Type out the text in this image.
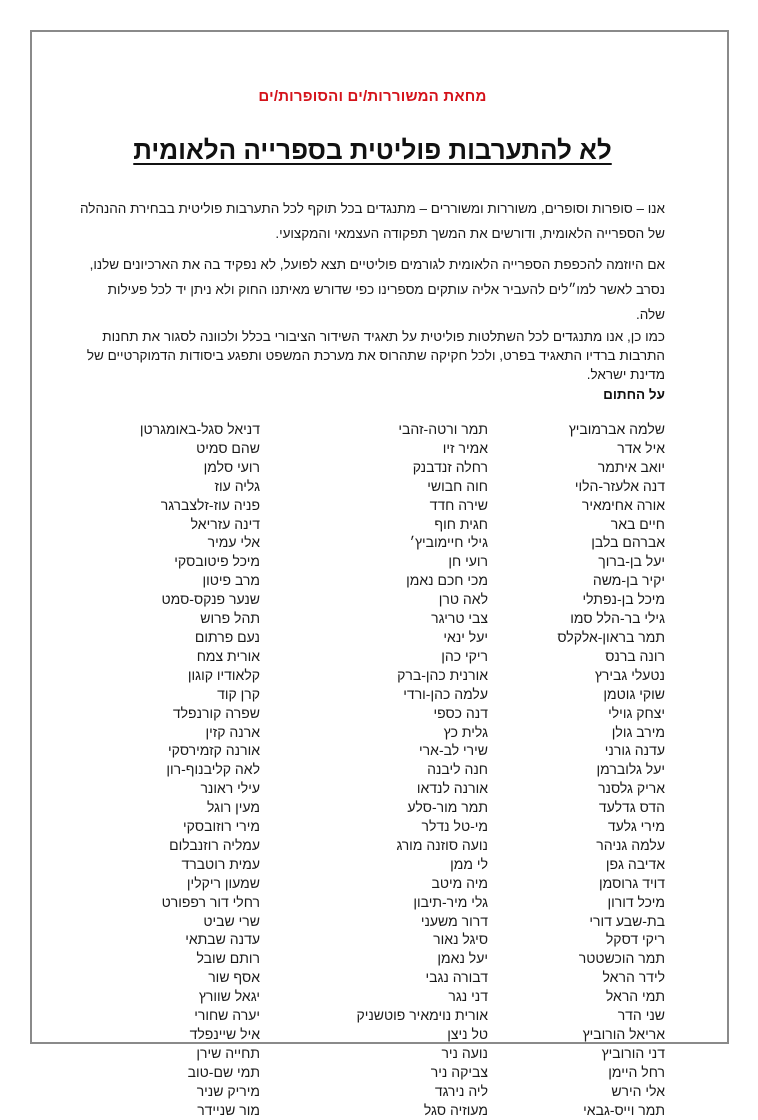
מחאת המשוררות/ים והסופרות/ים
לא להתערבות פוליטית בספרייה הלאומית

אנו – סופרות וסופרים, משוררות ומשוררים – מתנגדים בכל תוקף לכל התערבות פוליטית בבחירת ההנהלה של הספרייה הלאומית, ודורשים את המשך תפקודה העצמאי והמקצועי.

אם היוזמה להכפפת הספרייה הלאומית לגורמים פוליטיים תצא לפועל, לא נפקיד בה את הארכיונים שלנו, נסרב לאשר למו״לים להעביר אליה עותקים מספרינו כפי שדורש מאיתנו החוק ולא ניתן יד לכל פעילות שלה.

כמו כן, אנו מתנגדים לכל השתלטות פוליטית על תאגיד השידור הציבורי בכלל ולכוונה לסגור את תחנות התרבות ברדיו התאגיד בפרט, ולכל חקיקה שתהרוס את מערכת המשפט ותפגע ביסודות הדמוקרטיים של מדינת ישראל.

על החתום
שלמה אברמוביץ
איל אדר
יואב איתמר
דנה אלעזר-הלוי
אורה אחימאיר
חיים באר
אברהם בלבן
יעל בן-ברוך
יקיר בן-משה
מיכל בן-נפתלי
גילי בר-הלל סמו
תמר בראון-אלקלס
רונה ברנס
נטעלי גבירץ
שוקי גוטמן
יצחק גוילי
מירב גולן
עדנה גורני
יעל גלוברמן
אריק גלסנר
הדס גדלעד
מירי גלעד
עלמה גניהר
אדיבה גפן
דויד גרוסמן
מיכל דורון
בת-שבע דורי
ריקי דסקל
תמר הוכשטטר
לידר הראל
תמי הראל
שני הדר
אריאל הורוביץ
דני הורוביץ
רחל היימן
אלי הירש
תמר וייס-גבאי
תמר ורטה-זהבי
אמיר זיו
רחלה זנדבנק
חוה חבושי
שירה חדד
חגית חוף
גילי חיימוביץ׳
רועי חן
מכי חכם נאמן
לאה טרן
צבי טריגר
יעל ינאי
ריקי כהן
אורנית כהן-ברק
עלמה כהן-ורדי
דנה כספי
גלית כץ
שירי לב-ארי
חנה ליבנה
אורנה לנדאו
תמר מור-סלע
מי-טל נדלר
נועה סוזנה מורג
לי ממן
מיה מיטב
גלי מיר-תיבון
דרור משעני
סיגל נאור
יעל נאמן
דבורה נגבי
דני נגר
אורית נוימאיר פוטשניק
טל ניצן
נועה ניר
צביקה ניר
ליה נירגד
מעוזיה סגל
דניאל סגל-באומגרטן
שהם סמיט
רועי סלמן
גליה עוז
פניה עוז-זלצברגר
דינה עזריאל
אלי עמיר
מיכל פיטובסקי
מרב פיטון
שנער פנקס-סמט
תהל פרוש
נעם פרתום
אורית צמח
קלאודיו קוגון
קרן קוד
שפרה קורנפלד
ארנה קזין
אורנה קזמירסקי
לאה קליבנוף-רון
עילי ראונר
מעין רוגל
מירי רוזובסקי
עמליה רוזנבלום
עמית רוטברד
שמעון ריקלין
רחלי דור רפפורט
שרי שביט
עדנה שבתאי
רותם שובל
אסף שור
יגאל שוורץ
יערה שחורי
איל שיינפלד
תחייה שירן
תמי שם-טוב
מיריק שניר
מור שניידר
